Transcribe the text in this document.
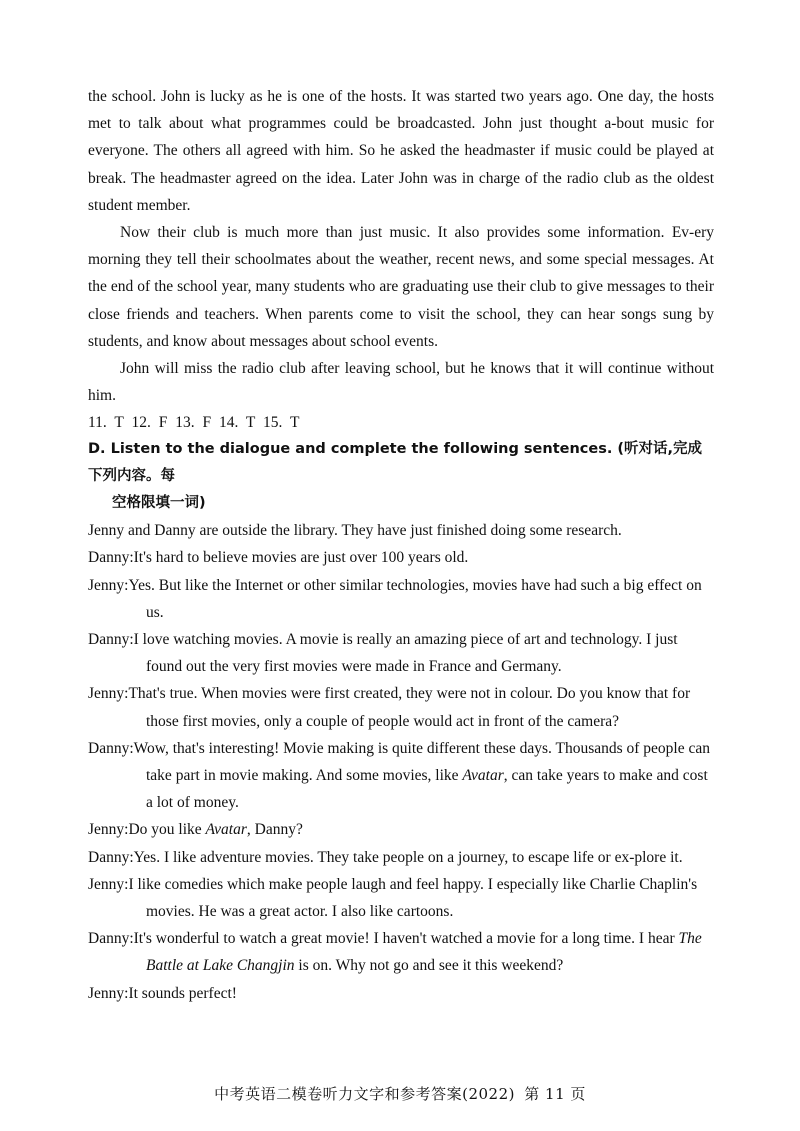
the school. John is lucky as he is one of the hosts. It was started two years ago. One day, the hosts met to talk about what programmes could be broadcasted. John just thought a-bout music for everyone. The others all agreed with him. So he asked the headmaster if music could be played at break. The headmaster agreed on the idea. Later John was in charge of the radio club as the oldest student member.

Now their club is much more than just music. It also provides some information. Ev-ery morning they tell their schoolmates about the weather, recent news, and some special messages. At the end of the school year, many students who are graduating use their club to give messages to their close friends and teachers. When parents come to visit the school, they can hear songs sung by students, and know about messages about school events.

John will miss the radio club after leaving school, but he knows that it will continue without him.

11. T 12. F 13. F 14. T 15. T

D. Listen to the dialogue and complete the following sentences. (听对话,完成下列内容。每
空格限填一词)

Jenny and Danny are outside the library. They have just finished doing some research.

Danny:It's hard to believe movies are just over 100 years old.

Jenny:Yes. But like the Internet or other similar technologies, movies have had such a big effect on us.

Danny:I love watching movies. A movie is really an amazing piece of art and technology. I just found out the very first movies were made in France and Germany.

Jenny:That's true. When movies were first created, they were not in colour. Do you know that for those first movies, only a couple of people would act in front of the camera?

Danny:Wow, that's interesting! Movie making is quite different these days. Thousands of people can take part in movie making. And some movies, like Avatar, can take years to make and cost a lot of money.

Jenny:Do you like Avatar, Danny?

Danny:Yes. I like adventure movies. They take people on a journey, to escape life or ex-plore it.

Jenny:I like comedies which make people laugh and feel happy. I especially like Charlie Chaplin's movies. He was a great actor. I also like cartoons.

Danny:It's wonderful to watch a great movie! I haven't watched a movie for a long time. I hear The Battle at Lake Changjin is on. Why not go and see it this weekend?

Jenny:It sounds perfect!

中考英语二模卷听力文字和参考答案(2022) 第 11 页
